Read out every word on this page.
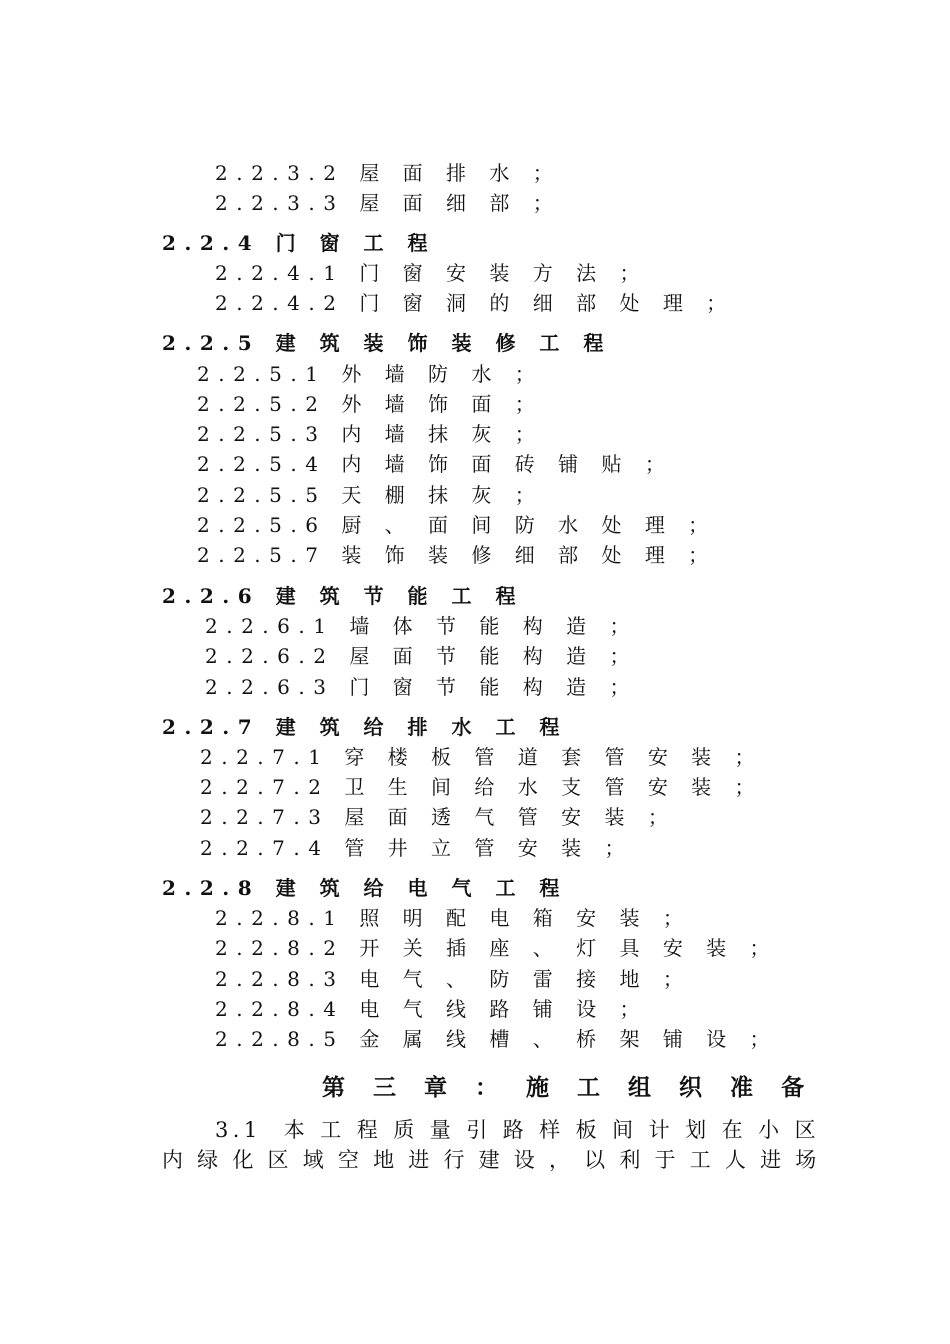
2.2.3.2 屋 面 排 水 ；
2.2.3.3 屋 面 细 部 ；
2.2.4 门 窗 工 程
2.2.4.1 门 窗 安 装 方 法 ；
2.2.4.2 门 窗 洞 的 细 部 处 理 ；
2.2.5 建 筑 装 饰 装 修 工 程
2.2.5.1 外 墙 防 水 ；
2.2.5.2 外 墙 饰 面 ；
2.2.5.3 内 墙 抹 灰 ；
2.2.5.4 内 墙 饰 面 砖 铺 贴 ；
2.2.5.5 天 棚 抹 灰 ；
2.2.5.6 厨 、 面 间 防 水 处 理 ；
2.2.5.7 装 饰 装 修 细 部 处 理 ；
2.2.6 建 筑 节 能 工 程
2.2.6.1 墙 体 节 能 构 造 ；
2.2.6.2 屋 面 节 能 构 造 ；
2.2.6.3 门 窗 节 能 构 造 ；
2.2.7 建 筑 给 排 水 工 程
2.2.7.1 穿 楼 板 管 道 套 管 安 装 ；
2.2.7.2 卫 生 间 给 水 支 管 安 装 ；
2.2.7.3 屋 面 透 气 管 安 装 ；
2.2.7.4 管 井 立 管 安 装 ；
2.2.8 建 筑 给 电 气 工 程
2.2.8.1 照 明 配 电 箱 安 装 ；
2.2.8.2 开 关 插 座 、 灯 具 安 装 ；
2.2.8.3 电 气 、 防 雷 接 地 ；
2.2.8.4 电 气 线 路 铺 设 ；
2.2.8.5 金 属 线 槽 、 桥 架 铺 设 ；
第 三 章 ： 施 工 组 织 准 备
3.1  本 工 程 质 量 引 路 样 板 间 计 划 在 小 区
内 绿 化 区 域 空 地 进 行 建 设 ， 以 利 于 工 人 进 场
